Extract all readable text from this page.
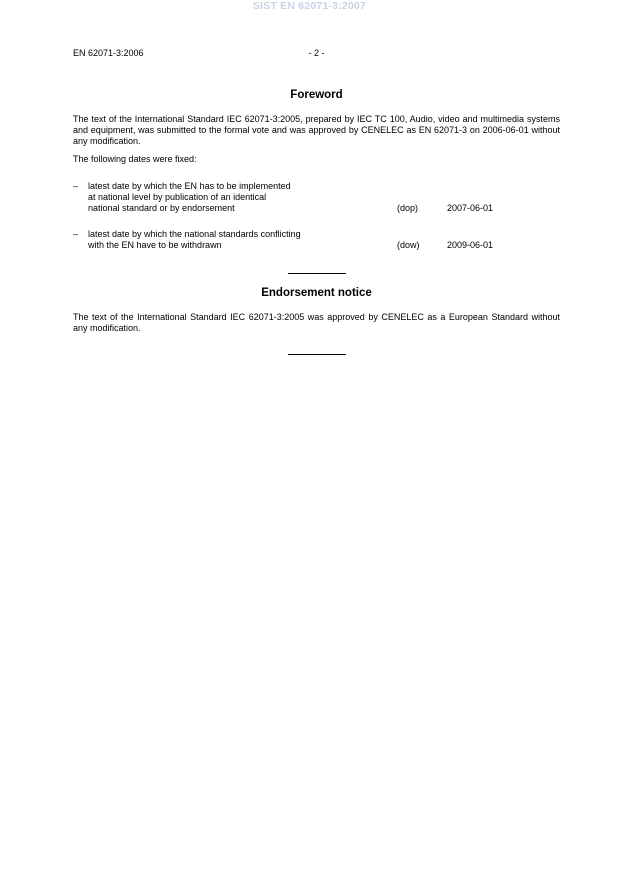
SIST EN 62071-3:2007
EN 62071-3:2006	- 2 -
Foreword
The text of the International Standard IEC 62071-3:2005, prepared by IEC TC 100, Audio, video and multimedia systems and equipment, was submitted to the formal vote and was approved by CENELEC as EN 62071-3 on 2006-06-01 without any modification.
The following dates were fixed:
– latest date by which the EN has to be implemented
at national level by publication of an identical
national standard or by endorsement	(dop)	2007-06-01
– latest date by which the national standards conflicting
with the EN have to be withdrawn	(dow)	2009-06-01
Endorsement notice
The text of the International Standard IEC 62071-3:2005 was approved by CENELEC as a European Standard without any modification.
